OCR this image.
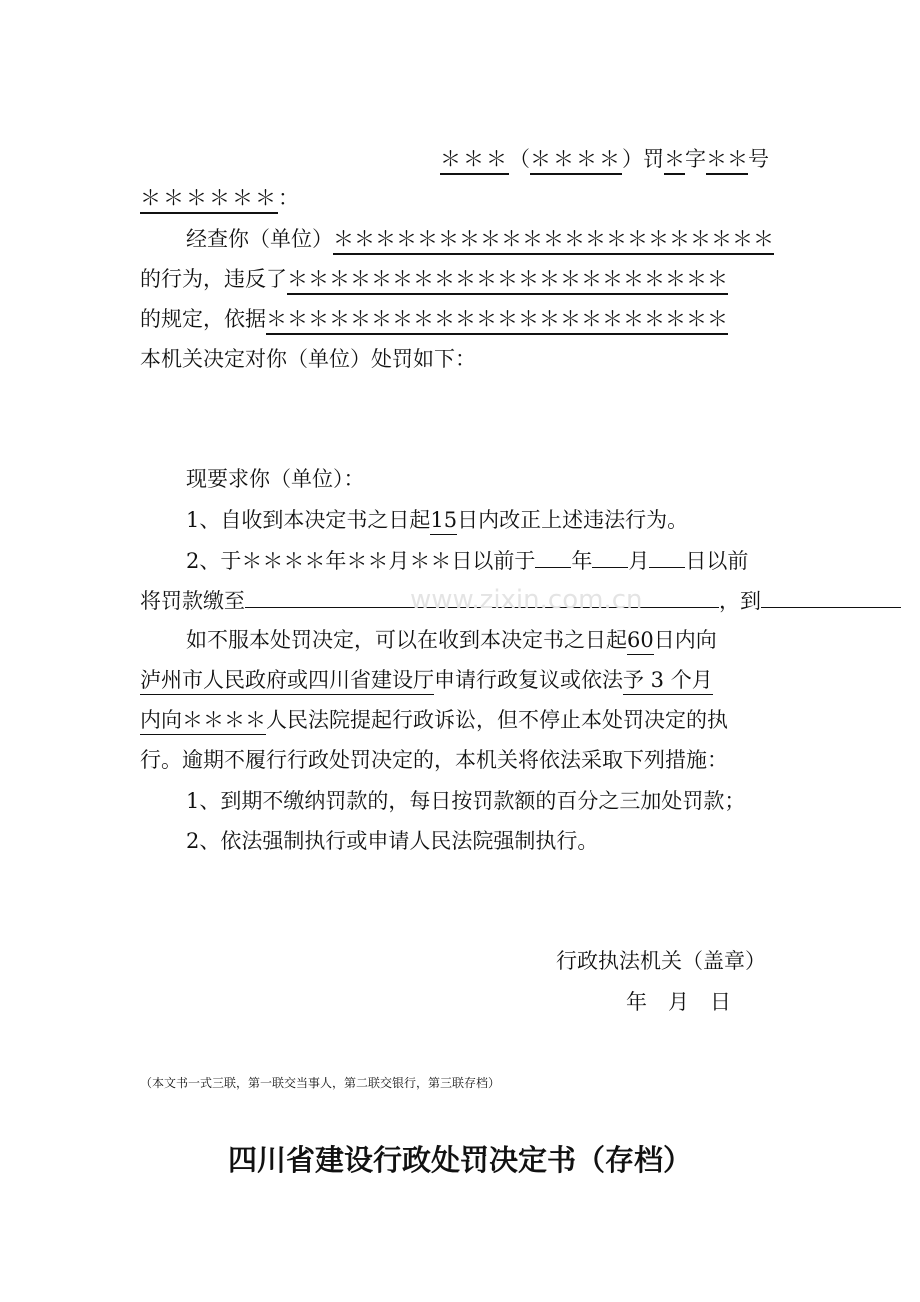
＊＊＊（＊＊＊＊）罚＊字＊＊号
＊＊＊＊＊＊：
经查你（单位）＊＊＊＊＊＊＊＊＊＊＊＊＊＊＊＊＊＊＊＊＊
的行为，违反了＊＊＊＊＊＊＊＊＊＊＊＊＊＊＊＊＊＊＊＊＊
的规定，依据＊＊＊＊＊＊＊＊＊＊＊＊＊＊＊＊＊＊＊＊＊＊
本机关决定对你（单位）处罚如下：
现要求你（单位）：
1、自收到本决定书之日起15日内改正上述违法行为。
2、于＊＊＊＊年＊＊月＊＊日以前于 年 月 日以前
将罚款缴至	，到
如不服本处罚决定，可以在收到本决定书之日起60日内向
泸州市人民政府或四川省建设厅申请行政复议或依法予 3 个月
内向＊＊＊＊人民法院提起行政诉讼，但不停止本处罚决定的执
行。逾期不履行行政处罚决定的，本机关将依法采取下列措施：
1、到期不缴纳罚款的，每日按罚款额的百分之三加处罚款；
2、依法强制执行或申请人民法院强制执行。
www.zixin.com.cn
行政执法机关（盖章）
年　月　日
（本文书一式三联，第一联交当事人，第二联交银行，第三联存档）
四川省建设行政处罚决定书（存档）
